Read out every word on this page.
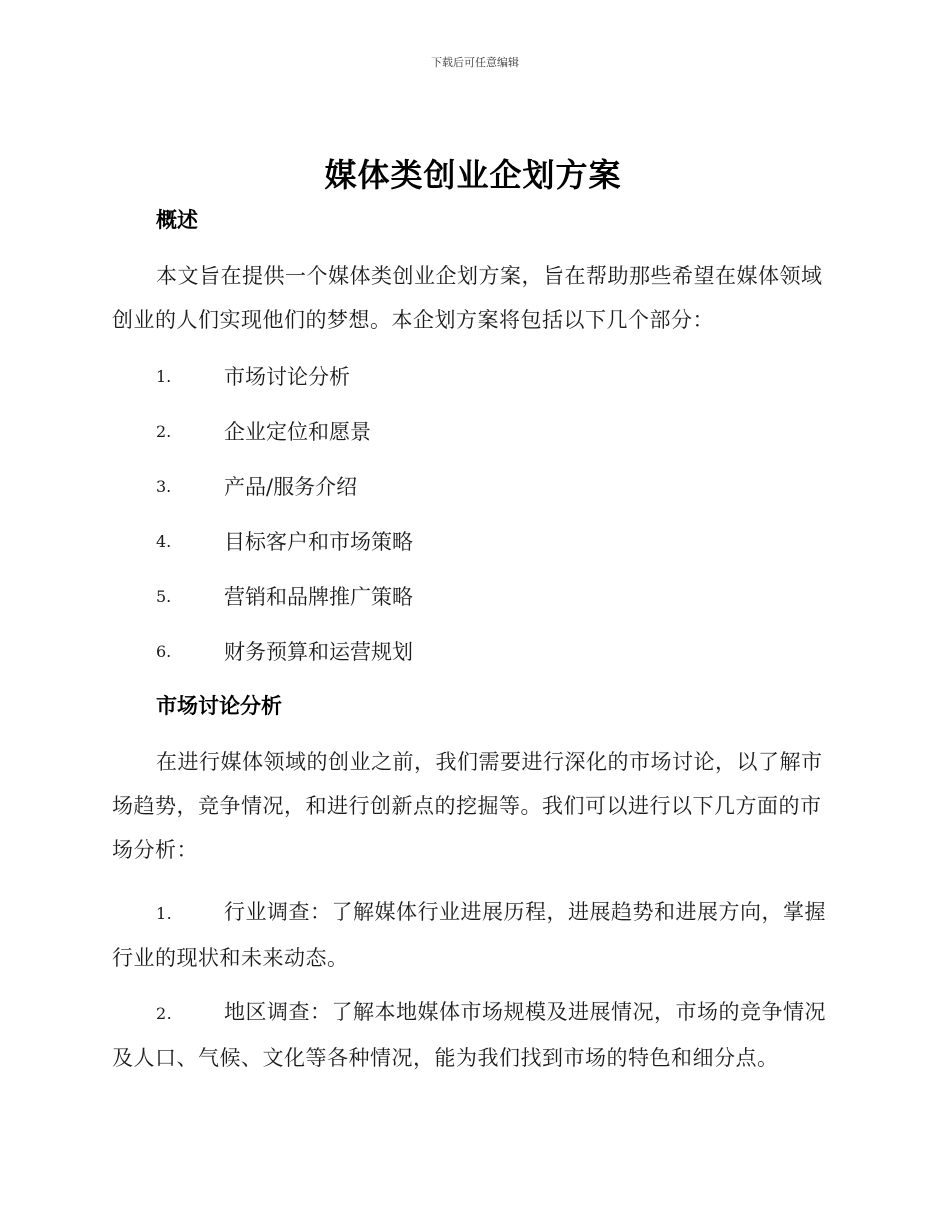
下载后可任意编辑
媒体类创业企划方案
概述

本文旨在提供一个媒体类创业企划方案，旨在帮助那些希望在媒体领域创业的人们实现他们的梦想。本企划方案将包括以下几个部分：

1.	市场讨论分析
2.	企业定位和愿景
3.	产品/服务介绍
4.	目标客户和市场策略
5.	营销和品牌推广策略
6.	财务预算和运营规划
市场讨论分析

在进行媒体领域的创业之前，我们需要进行深化的市场讨论，以了解市场趋势，竞争情况，和进行创新点的挖掘等。我们可以进行以下几方面的市场分析：

1. 行业调查：了解媒体行业进展历程，进展趋势和进展方向，掌握行业的现状和未来动态。

2. 地区调查：了解本地媒体市场规模及进展情况，市场的竞争情况及人口、气候、文化等各种情况，能为我们找到市场的特色和细分点。
